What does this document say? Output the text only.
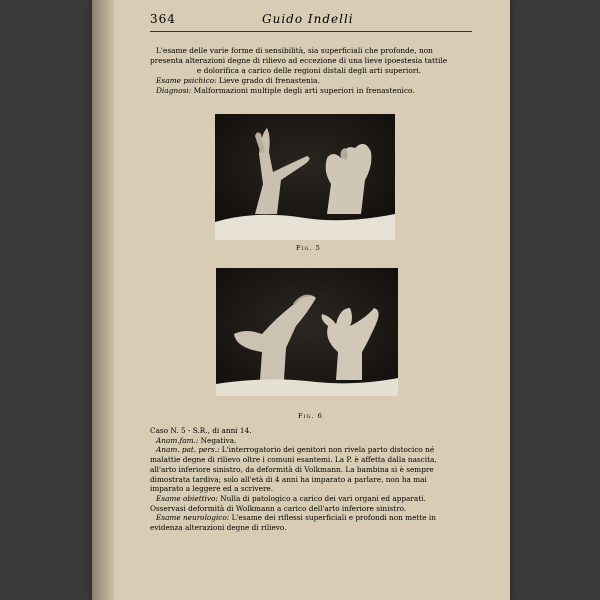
364	Guido Indelli
L'esame delle varie forme di sensibilità, sia superficiali che profonde, non
presenta alterazioni degne di rilievo ad eccezione di una lieve ipoestesia tattile
e dolorifica a carico delle regioni distali degli arti superiori.
Esame psichico: Lieve grado di frenastenia.
Diagnosi: Malformazioni multiple degli arti superiori in frenastenico.
Fig. 5
Fig. 6
Caso N. 5 - S.R., di anni 14.
Anam.fam.: Negativa.
Anam. pat. pers.: L'interrogatorio dei genitori non rivela parto distocico né
malattie degne di rilievo oltre i comuni esantemi. La P. è affetta dalla nascita,
all'arto inferiore sinistro, da deformità di Volkmann. La bambina si è sempre
dimostrata tardiva; solo all'età di 4 anni ha imparato a parlare, non ha mai
imparato a leggere ed a scrivere.
Esame obiettivo: Nulla di patologico a carico dei vari organi ed apparati.
Osservasi deformità di Wolkmann a carico dell'arto inferiore sinistro.
Esame neurologico: L'esame dei riflessi superficiali e profondi non mette in
evidenza alterazioni degne di rilievo.
